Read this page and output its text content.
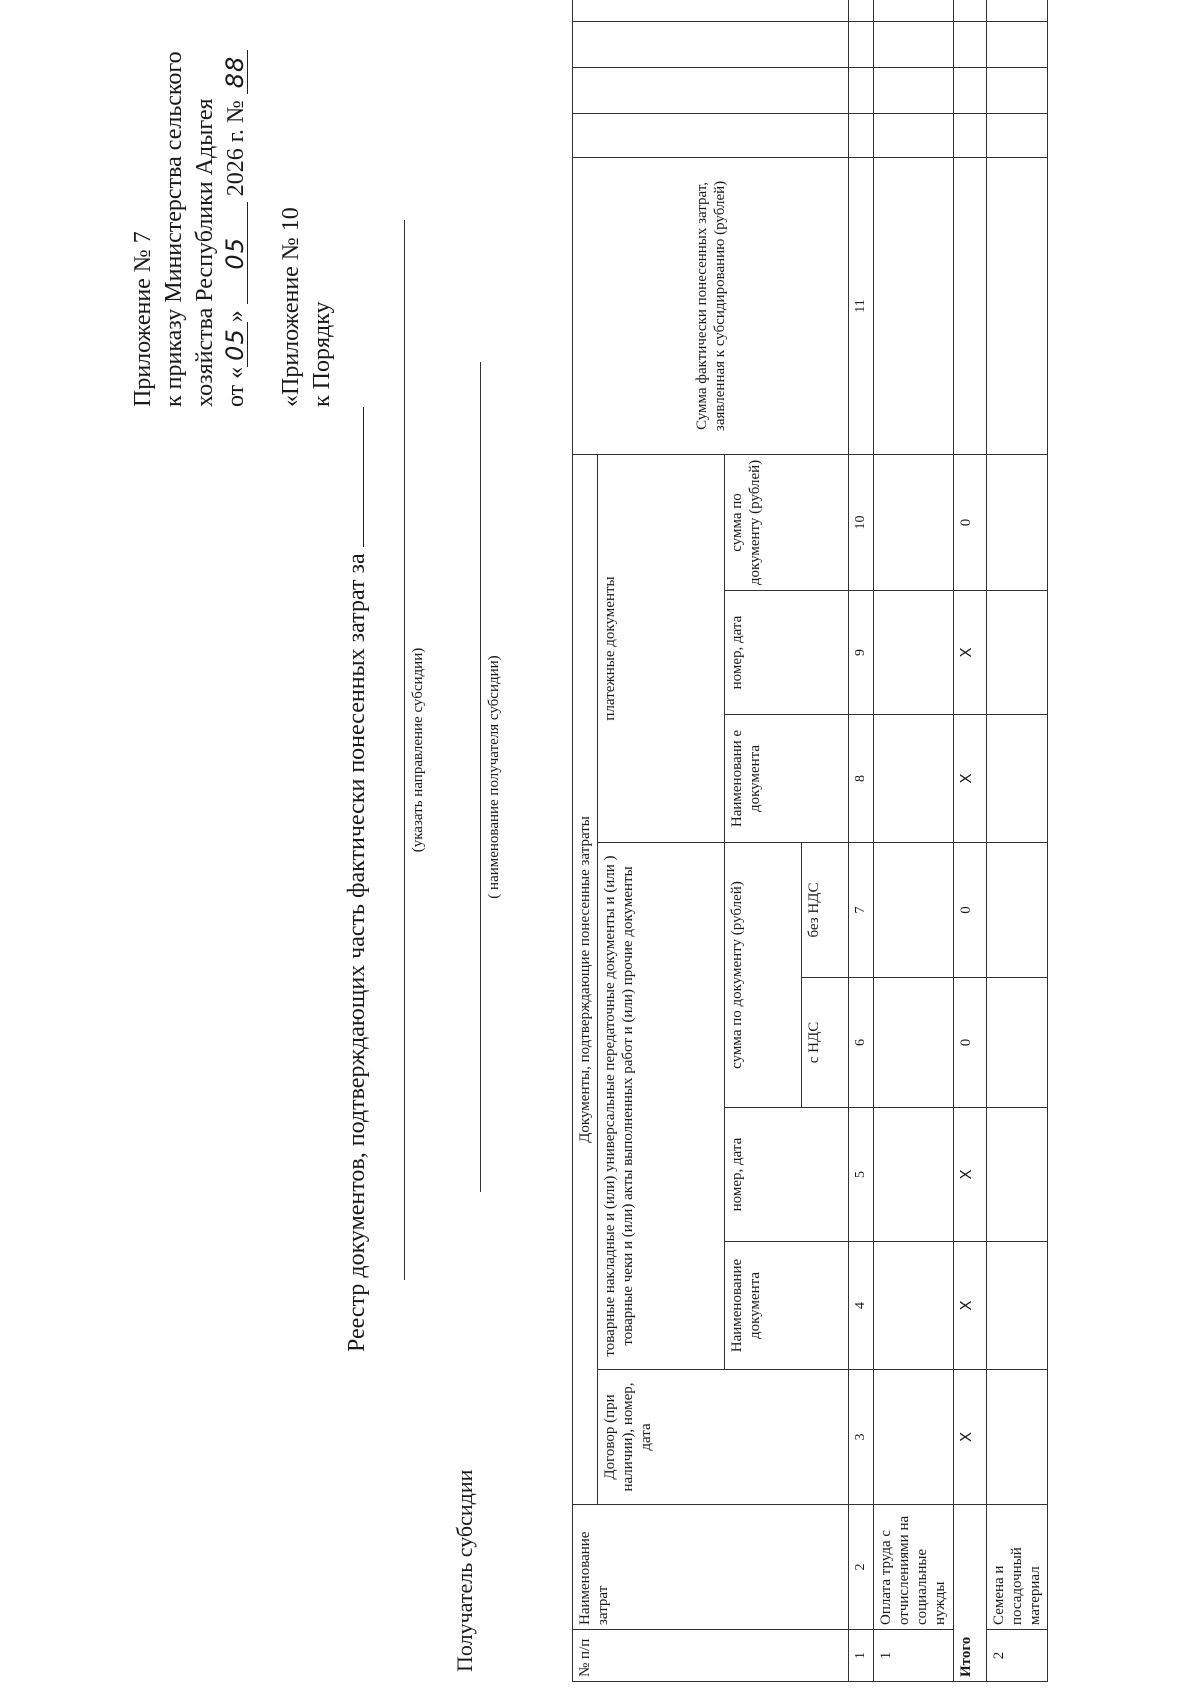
Приложение № 7 к приказу Министерства сельского хозяйства Республики Адыгея от «05» 05 2026 г. № 88
«Приложение № 10 к Порядку
Реестр документов, подтверждающих часть фактически понесенных затрат за	(указать направление субсидии)
Получатель субсидии
( наименование получателя субсидии)
№ п/п	Наименование затрат	Документы, подтверждающие понесенные затраты								Сумма фактически понесенных затрат, заявленная к субсидированию (рублей)				
		Договор (при наличии), номер, дата	товарные накладные и (или) универсальные передаточные документы и (или ) товарные чеки и (или) акты выполненных работ и (или) прочие документы				платежные документы							
			Наименование документа	номер, дата	сумма по документу (рублей)		Наименовани е документа	номер, дата	сумма по документу (рублей)					
					с НДС	без НДС								
1	2	3	4	5	6	7	8	9	10	11				
1	Оплата труда с отчислениями на социальные нужды													
Итого		X	X	X	0	0	X	X	0					
2	Семена и посадочный материал													
